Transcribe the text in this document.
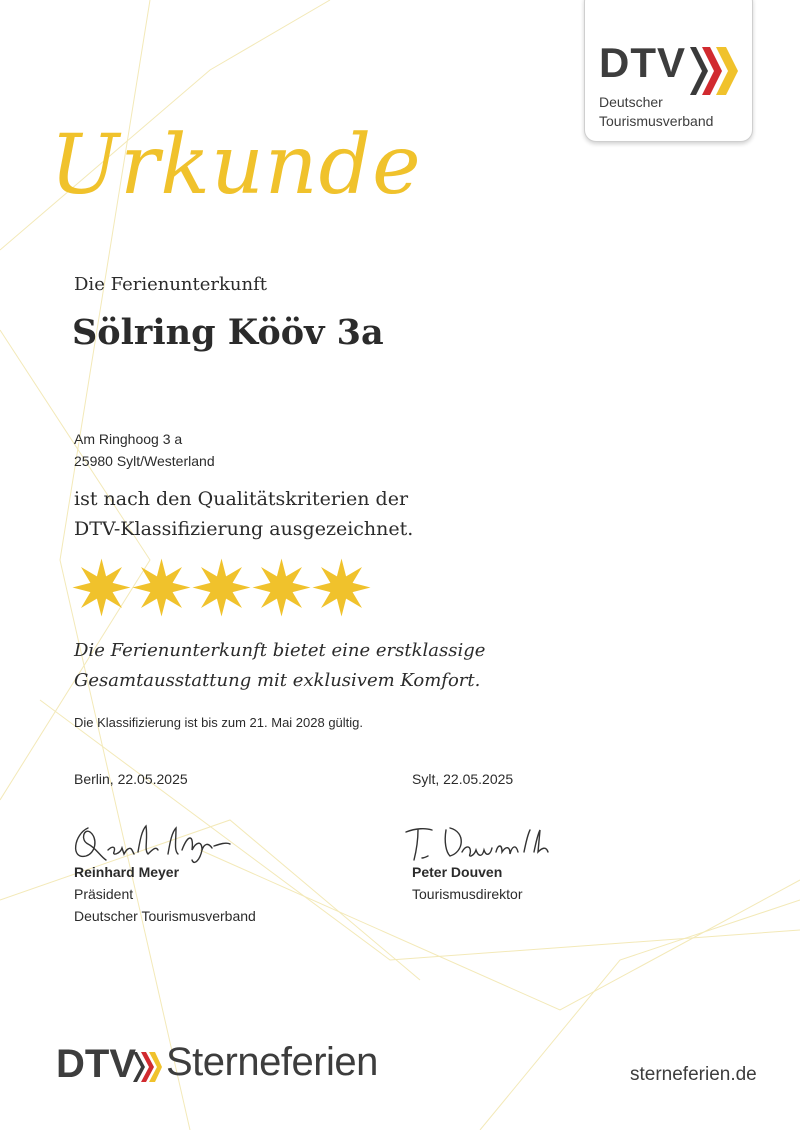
DTV
Deutscher
Tourismusverband
Urkunde
Die Ferienunterkunft
Sölring Kööv 3a
Am Ringhoog 3 a
25980 Sylt/Westerland
ist nach den Qualitätskriterien der
DTV-Klassifizierung ausgezeichnet.
Die Ferienunterkunft bietet eine erstklassige
Gesamtausstattung mit exklusivem Komfort.
Die Klassifizierung ist bis zum 21. Mai 2028 gültig.
Berlin, 22.05.2025
Reinhard Meyer
Präsident
Deutscher Tourismusverband
Sylt, 22.05.2025
Peter Douven
Tourismusdirektor
DTV Sterneferien	sterneferien.de
